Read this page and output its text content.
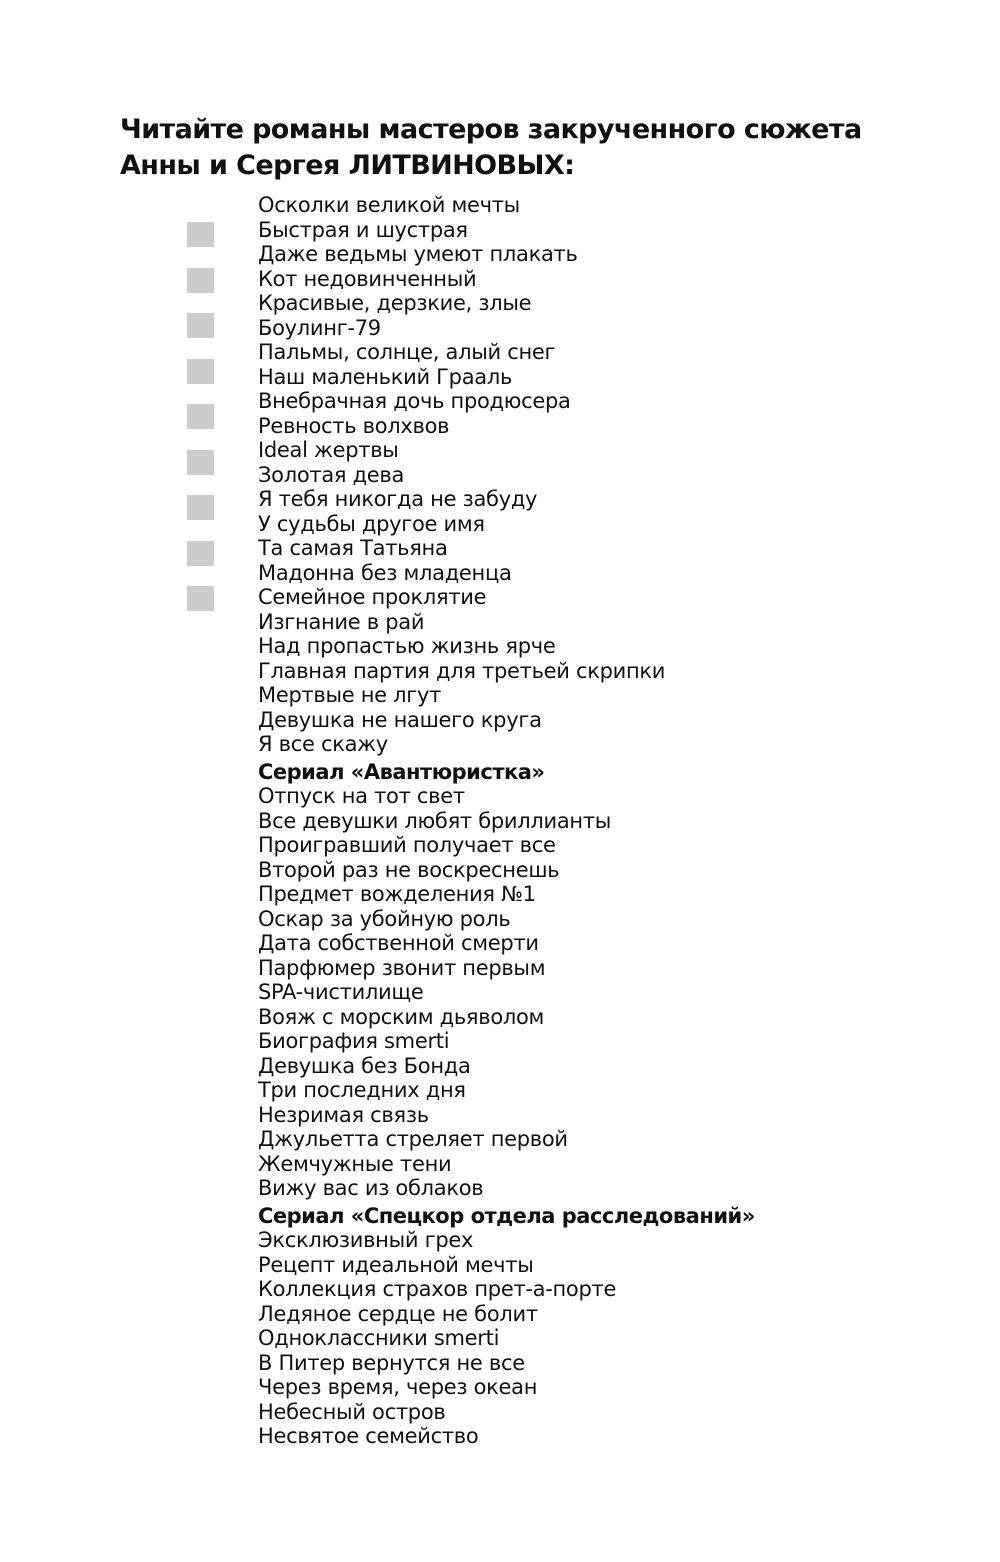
Читайте романы мастеров закрученного сюжета
Анны и Сергея ЛИТВИНОВЫХ:
Осколки великой мечты
Быстрая и шустрая
Даже ведьмы умеют плакать
Кот недовинченный
Красивые, дерзкие, злые
Боулинг-79
Пальмы, солнце, алый снег
Наш маленький Грааль
Внебрачная дочь продюсера
Ревность волхвов
Ideal жертвы
Золотая дева
Я тебя никогда не забуду
У судьбы другое имя
Та самая Татьяна
Мадонна без младенца
Семейное проклятие
Изгнание в рай
Над пропастью жизнь ярче
Главная партия для третьей скрипки
Мертвые не лгут
Девушка не нашего круга
Я все скажу
Сериал «Авантюристка»
Отпуск на тот свет
Все девушки любят бриллианты
Проигравший получает все
Второй раз не воскреснешь
Предмет вожделения №1
Оскар за убойную роль
Дата собственной смерти
Парфюмер звонит первым
SPA-чистилище
Вояж с морским дьяволом
Биография smerti
Девушка без Бонда
Три последних дня
Незримая связь
Джульетта стреляет первой
Жемчужные тени
Вижу вас из облаков
Сериал «Спецкор отдела расследований»
Эксклюзивный грех
Рецепт идеальной мечты
Коллекция страхов прет-а-порте
Ледяное сердце не болит
Одноклассники smerti
В Питер вернутся не все
Через время, через океан
Небесный остров
Несвятое семейство
